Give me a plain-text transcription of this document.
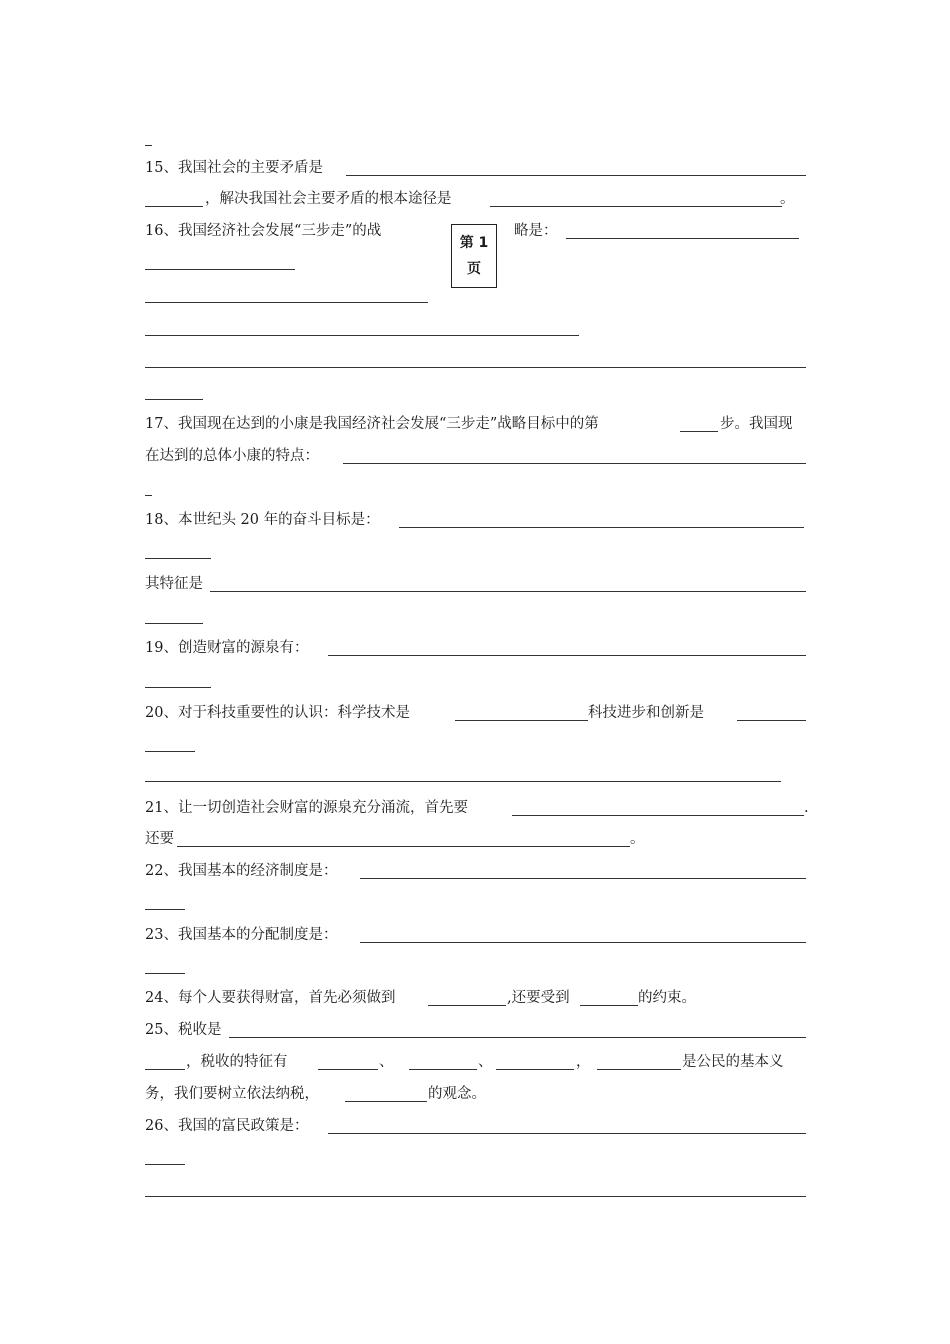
15、我国社会的主要矛盾是
，解决我国社会主要矛盾的根本途径是	。
16、我国经济社会发展“三步走”的战
第 1
页
略是：
17、我国现在达到的小康是我国经济社会发展“三步走”战略目标中的第	步。我国现
在达到的总体小康的特点：
18、本世纪头 20 年的奋斗目标是：
其特征是
19、创造财富的源泉有：
20、对于科技重要性的认识：科学技术是	科技进步和创新是
21、让一切创造社会财富的源泉充分涌流，首先要	.
还要	。
22、我国基本的经济制度是：
23、我国基本的分配制度是：
24、每个人要获得财富，首先必须做到	,还要受到	的约束。
25、税收是
，税收的特征有	、	、	，	是公民的基本义
务，我们要树立依法纳税，	的观念。
26、我国的富民政策是：
